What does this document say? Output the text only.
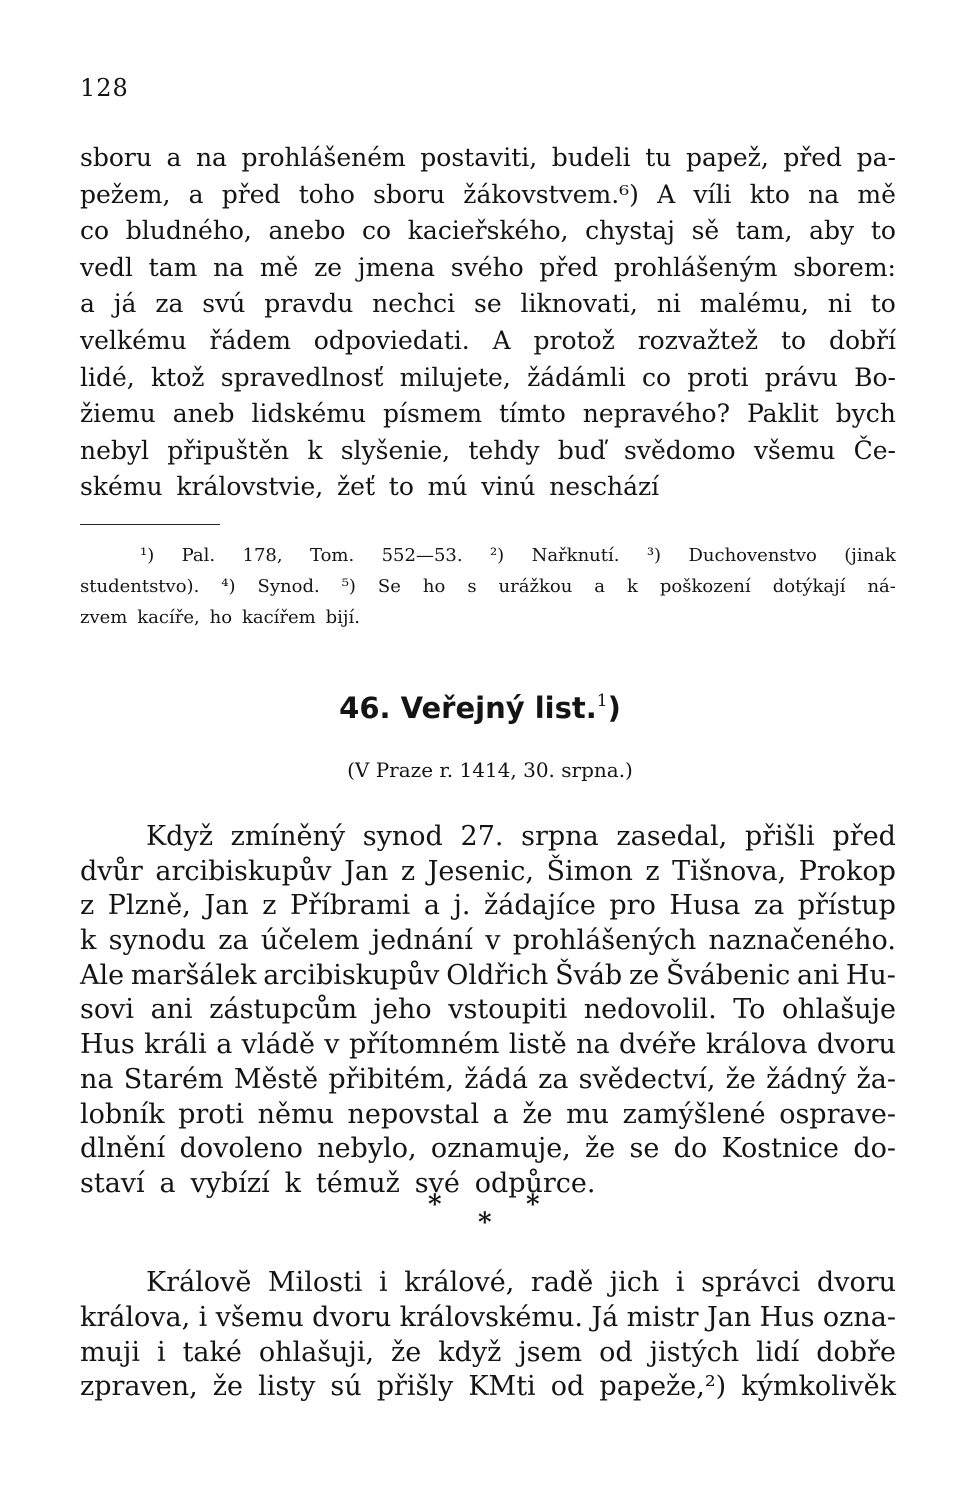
128
sboru a na prohlášeném postaviti, budeli tu papež, před pa-
pežem, a před toho sboru žákovstvem.⁶) A víli kto na mě
co bludného, anebo co kacieřského, chystaj sě tam, aby to
vedl tam na mě ze jmena svého před prohlášeným sborem:
a já za svú pravdu nechci se liknovati, ni malému, ni to
velkému řádem odpoviedati. A protož rozvažtež to dobří
lidé, ktož spravedlnosť milujete, žádámli co proti právu Bo-
žiemu aneb lidskému písmem tímto nepravého? Paklit bych
nebyl připuštěn k slyšenie, tehdy buď svědomo všemu Če-
skému královstvie, žeť to mú vinú neschází
¹) Pal. 178, Tom. 552—53. ²) Nařknutí. ³) Duchovenstvo (jinak
studentstvo). ⁴) Synod. ⁵) Se ho s urážkou a k poškození dotýkají ná-
zvem kacíře, ho kacířem bijí.
46. Veřejný list.$^1$)
(V Praze r. 1414, 30. srpna.)
Když zmíněný synod 27. srpna zasedal, přišli před
dvůr arcibiskupův Jan z Jesenic, Šimon z Tišnova, Prokop
z Plzně, Jan z Příbrami a j. žádajíce pro Husa za přístup
k synodu za účelem jednání v prohlášených naznačeného.
Ale maršálek arcibiskupův Oldřich Šváb ze Švábenic ani Hu-
sovi ani zástupcům jeho vstoupiti nedovolil. To ohlašuje
Hus králi a vládě v přítomném listě na dvéře králova dvoru
na Starém Městě přibitém, žádá za svědectví, že žádný ža-
lobník proti němu nepovstal a že mu zamýšlené osprave-
dlnění dovoleno nebylo, oznamuje, že se do Kostnice do-
staví a vybízí k témuž své odpůrce.
*	*
*
Královĕ Milosti i králové, radě jich i správci dvoru
králova, i všemu dvoru královskému. Já mistr Jan Hus ozna-
muji i také ohlašuji, že když jsem od jistých lidí dobře
zpraven, že listy sú přišly KMti od papeže,²) kýmkolivěk
